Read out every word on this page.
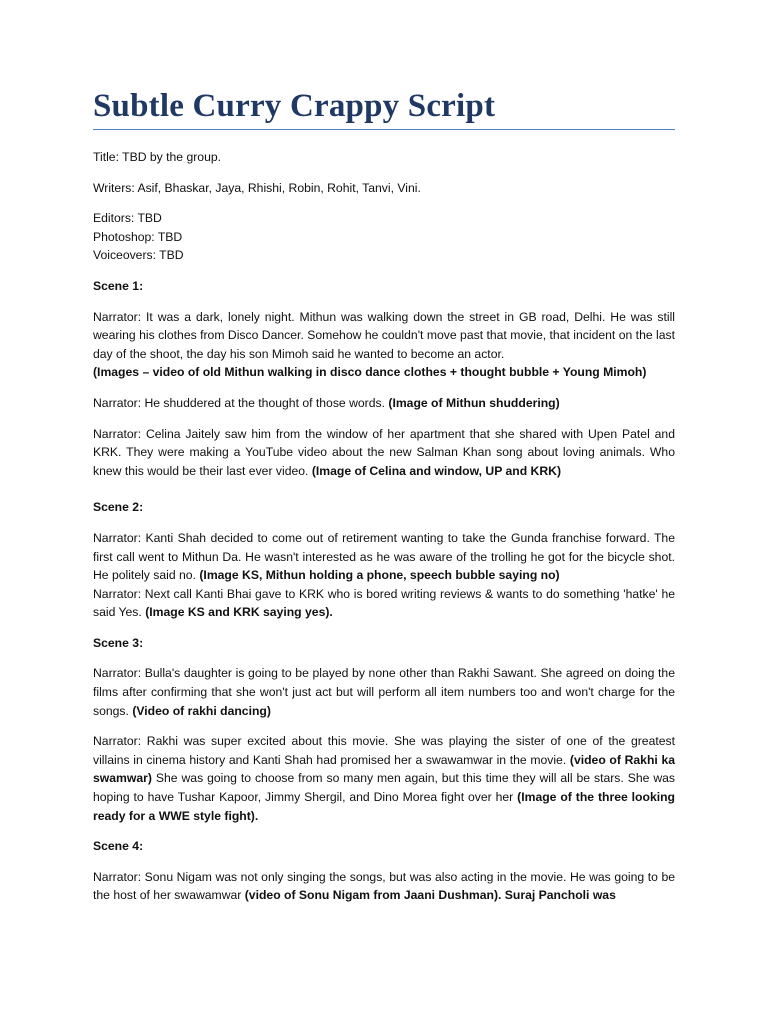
Subtle Curry Crappy Script

Title: TBD by the group.

Writers: Asif, Bhaskar, Jaya, Rhishi, Robin, Rohit, Tanvi, Vini.

Editors: TBD
Photoshop: TBD
Voiceovers: TBD

Scene 1:

Narrator: It was a dark, lonely night. Mithun was walking down the street in GB road, Delhi. He was still wearing his clothes from Disco Dancer. Somehow he couldn't move past that movie, that incident on the last day of the shoot, the day his son Mimoh said he wanted to become an actor.
(Images – video of old Mithun walking in disco dance clothes + thought bubble + Young Mimoh)

Narrator: He shuddered at the thought of those words. (Image of Mithun shuddering)

Narrator: Celina Jaitely saw him from the window of her apartment that she shared with Upen Patel and KRK. They were making a YouTube video about the new Salman Khan song about loving animals. Who knew this would be their last ever video. (Image of Celina and window, UP and KRK)

Scene 2:

Narrator: Kanti Shah decided to come out of retirement wanting to take the Gunda franchise forward. The first call went to Mithun Da. He wasn't interested as he was aware of the trolling he got for the bicycle shot. He politely said no. (Image KS, Mithun holding a phone, speech bubble saying no)

Narrator: Next call Kanti Bhai gave to KRK who is bored writing reviews & wants to do something 'hatke' he said Yes. (Image KS and KRK saying yes).

Scene 3:

Narrator: Bulla's daughter is going to be played by none other than Rakhi Sawant. She agreed on doing the films after confirming that she won't just act but will perform all item numbers too and won't charge for the songs. (Video of rakhi dancing)

Narrator: Rakhi was super excited about this movie. She was playing the sister of one of the greatest villains in cinema history and Kanti Shah had promised her a swawamwar in the movie. (video of Rakhi ka swamwar) She was going to choose from so many men again, but this time they will all be stars. She was hoping to have Tushar Kapoor, Jimmy Shergil, and Dino Morea fight over her (Image of the three looking ready for a WWE style fight).

Scene 4:

Narrator: Sonu Nigam was not only singing the songs, but was also acting in the movie. He was going to be the host of her swawamwar (video of Sonu Nigam from Jaani Dushman). Suraj Pancholi was
